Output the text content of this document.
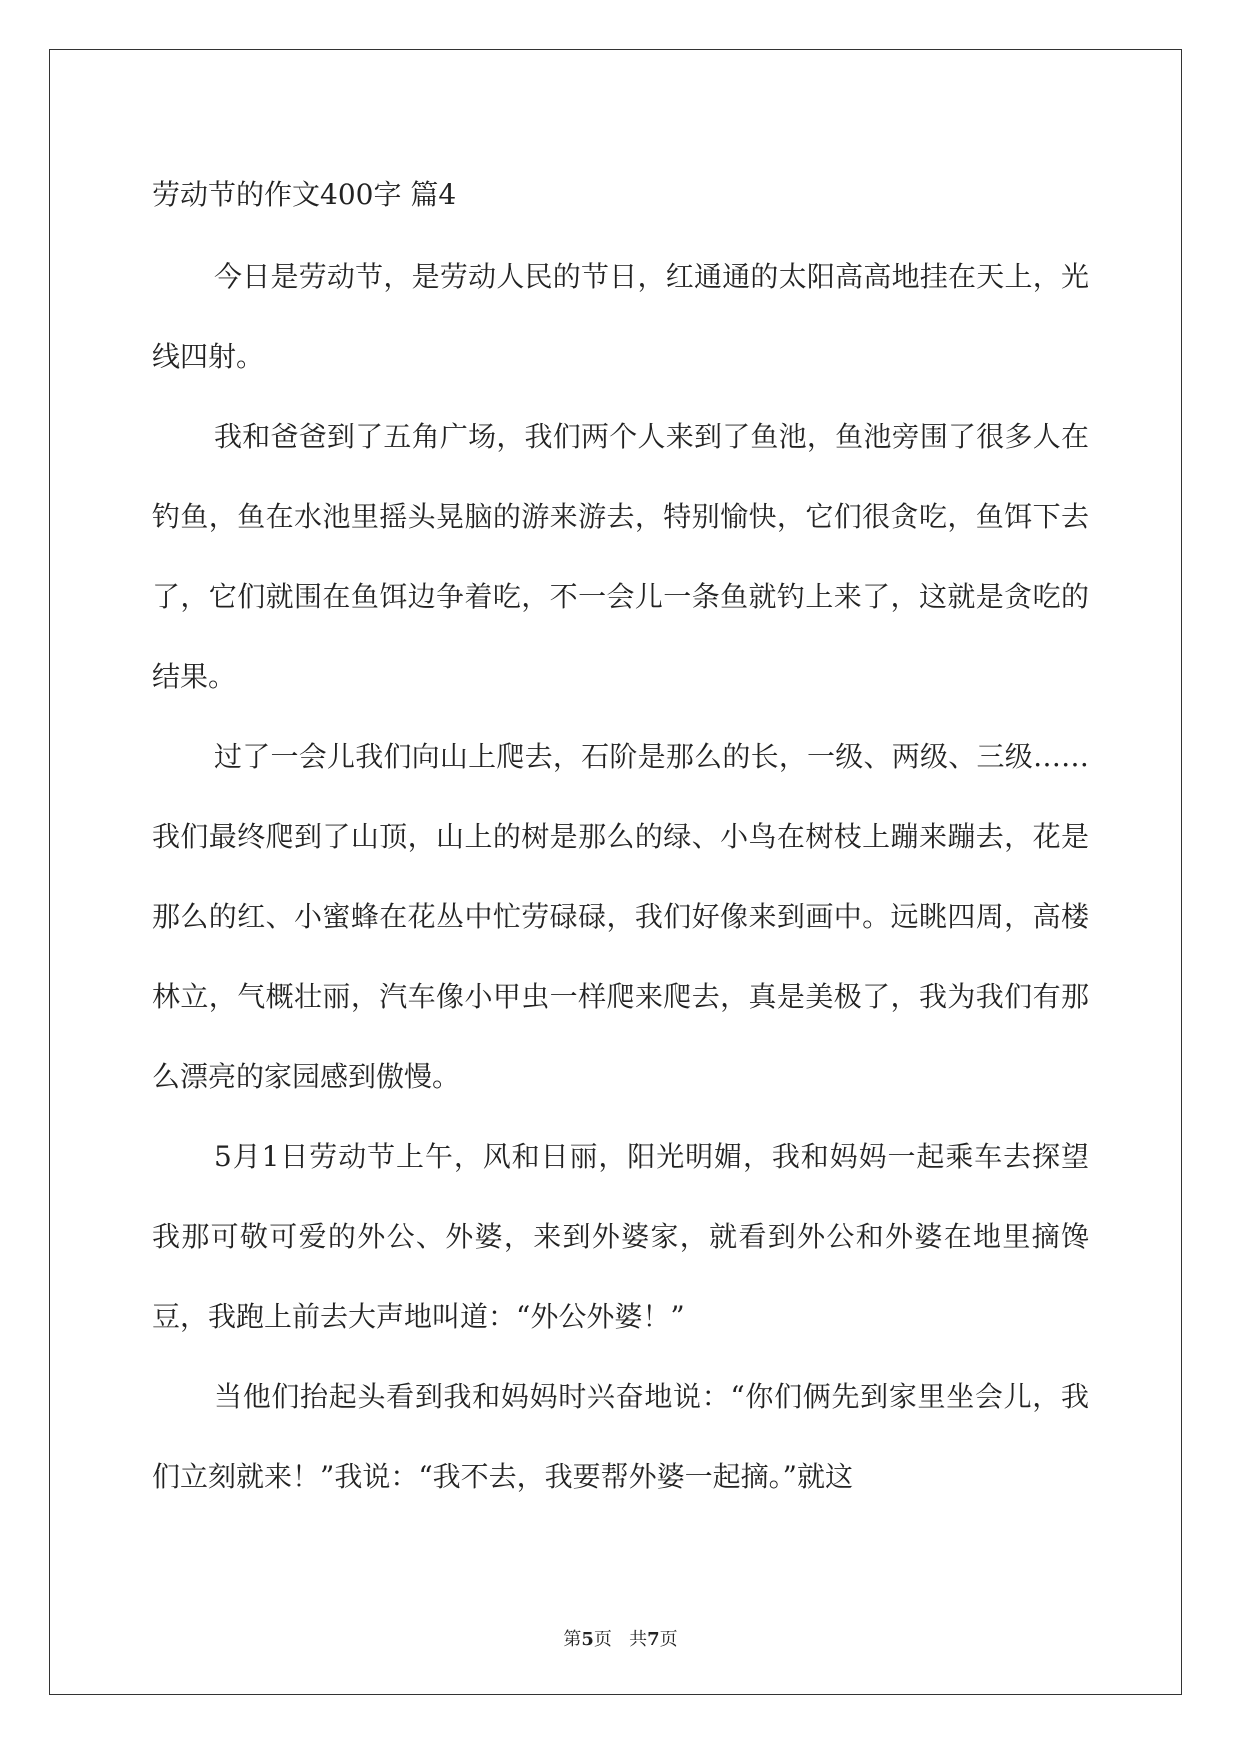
劳动节的作文400字 篇4

今日是劳动节，是劳动人民的节日，红通通的太阳高高地挂在天上，光线四射。

我和爸爸到了五角广场，我们两个人来到了鱼池，鱼池旁围了很多人在钓鱼，鱼在水池里摇头晃脑的游来游去，特别愉快，它们很贪吃，鱼饵下去了，它们就围在鱼饵边争着吃，不一会儿一条鱼就钓上来了，这就是贪吃的结果。

过了一会儿我们向山上爬去，石阶是那么的长，一级、两级、三级……我们最终爬到了山顶，山上的树是那么的绿、小鸟在树枝上蹦来蹦去，花是那么的红、小蜜蜂在花丛中忙劳碌碌，我们好像来到画中。远眺四周，高楼林立，气概壮丽，汽车像小甲虫一样爬来爬去，真是美极了，我为我们有那么漂亮的家园感到傲慢。

5月1日劳动节上午，风和日丽，阳光明媚，我和妈妈一起乘车去探望我那可敬可爱的外公、外婆，来到外婆家，就看到外公和外婆在地里摘馋豆，我跑上前去大声地叫道：“外公外婆！”

当他们抬起头看到我和妈妈时兴奋地说：“你们俩先到家里坐会儿，我们立刻就来！”我说：“我不去，我要帮外婆一起摘。”就这

第5页   共7页
